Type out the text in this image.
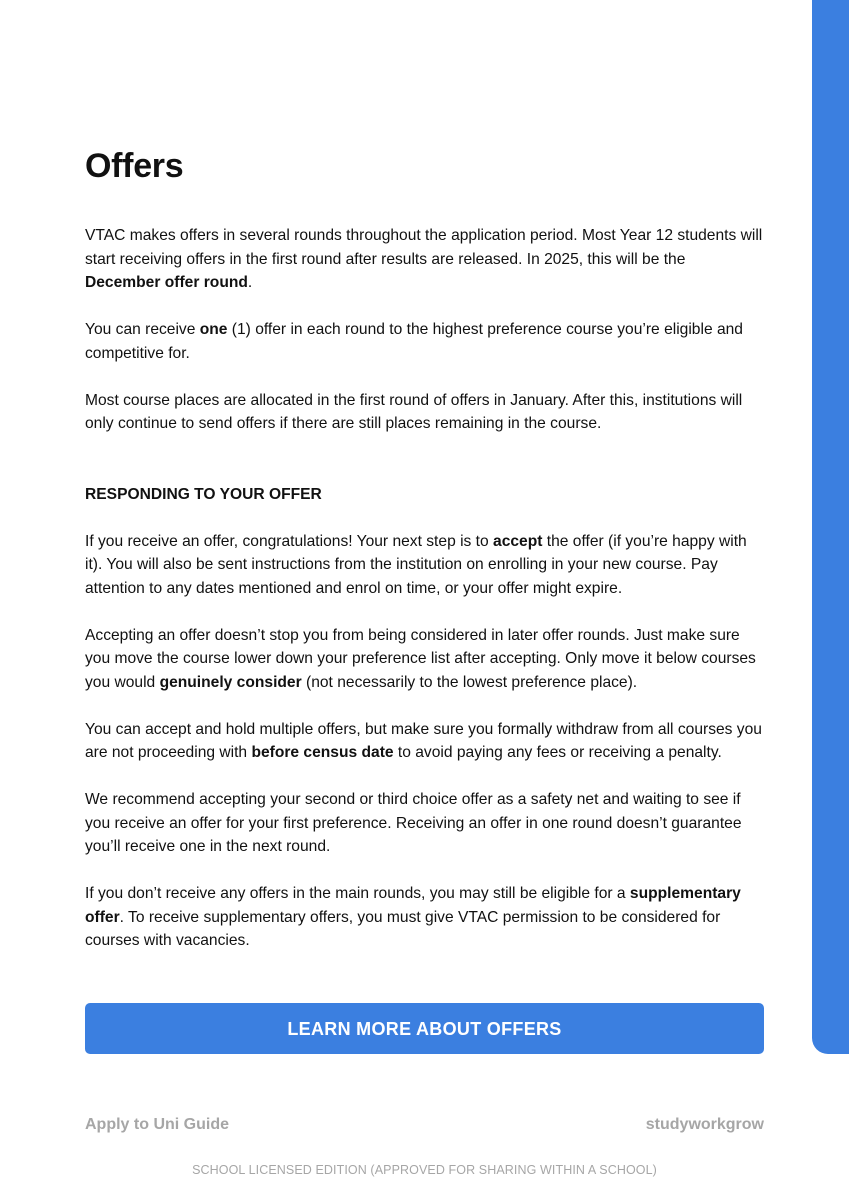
Offers

VTAC makes offers in several rounds throughout the application period. Most Year 12 students will start receiving offers in the first round after results are released. In 2025, this will be the December offer round.

You can receive one (1) offer in each round to the highest preference course you’re eligible and competitive for.

Most course places are allocated in the first round of offers in January. After this, institutions will only continue to send offers if there are still places remaining in the course.

RESPONDING TO YOUR OFFER

If you receive an offer, congratulations! Your next step is to accept the offer (if you’re happy with it). You will also be sent instructions from the institution on enrolling in your new course. Pay attention to any dates mentioned and enrol on time, or your offer might expire.

Accepting an offer doesn’t stop you from being considered in later offer rounds. Just make sure you move the course lower down your preference list after accepting. Only move it below courses you would genuinely consider (not necessarily to the lowest preference place).

You can accept and hold multiple offers, but make sure you formally withdraw from all courses you are not proceeding with before census date to avoid paying any fees or receiving a penalty.

We recommend accepting your second or third choice offer as a safety net and waiting to see if you receive an offer for your first preference. Receiving an offer in one round doesn’t guarantee you’ll receive one in the next round.

If you don’t receive any offers in the main rounds, you may still be eligible for a supplementary offer. To receive supplementary offers, you must give VTAC permission to be considered for courses with vacancies.

LEARN MORE ABOUT OFFERS
Apply to Uni Guide	studyworkgrow
SCHOOL LICENSED EDITION (APPROVED FOR SHARING WITHIN A SCHOOL)
